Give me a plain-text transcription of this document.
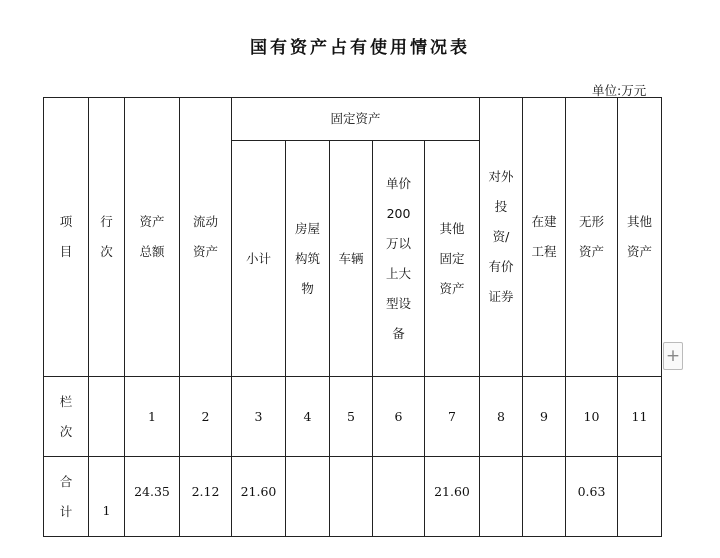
国有资产占有使用情况表
单位:万元
项目	行次	资产总额	流动资产	固定资产					对外投资/有价证券	在建工程	无形资产	其他资产
				小计	房屋构筑物	车辆	单价200万以上大型设备	其他固定资产				
栏次		1	2	3	4	5	6	7	8	9	10	11
合计	1	24.35	2.12	21.60				21.60			0.63	
+
